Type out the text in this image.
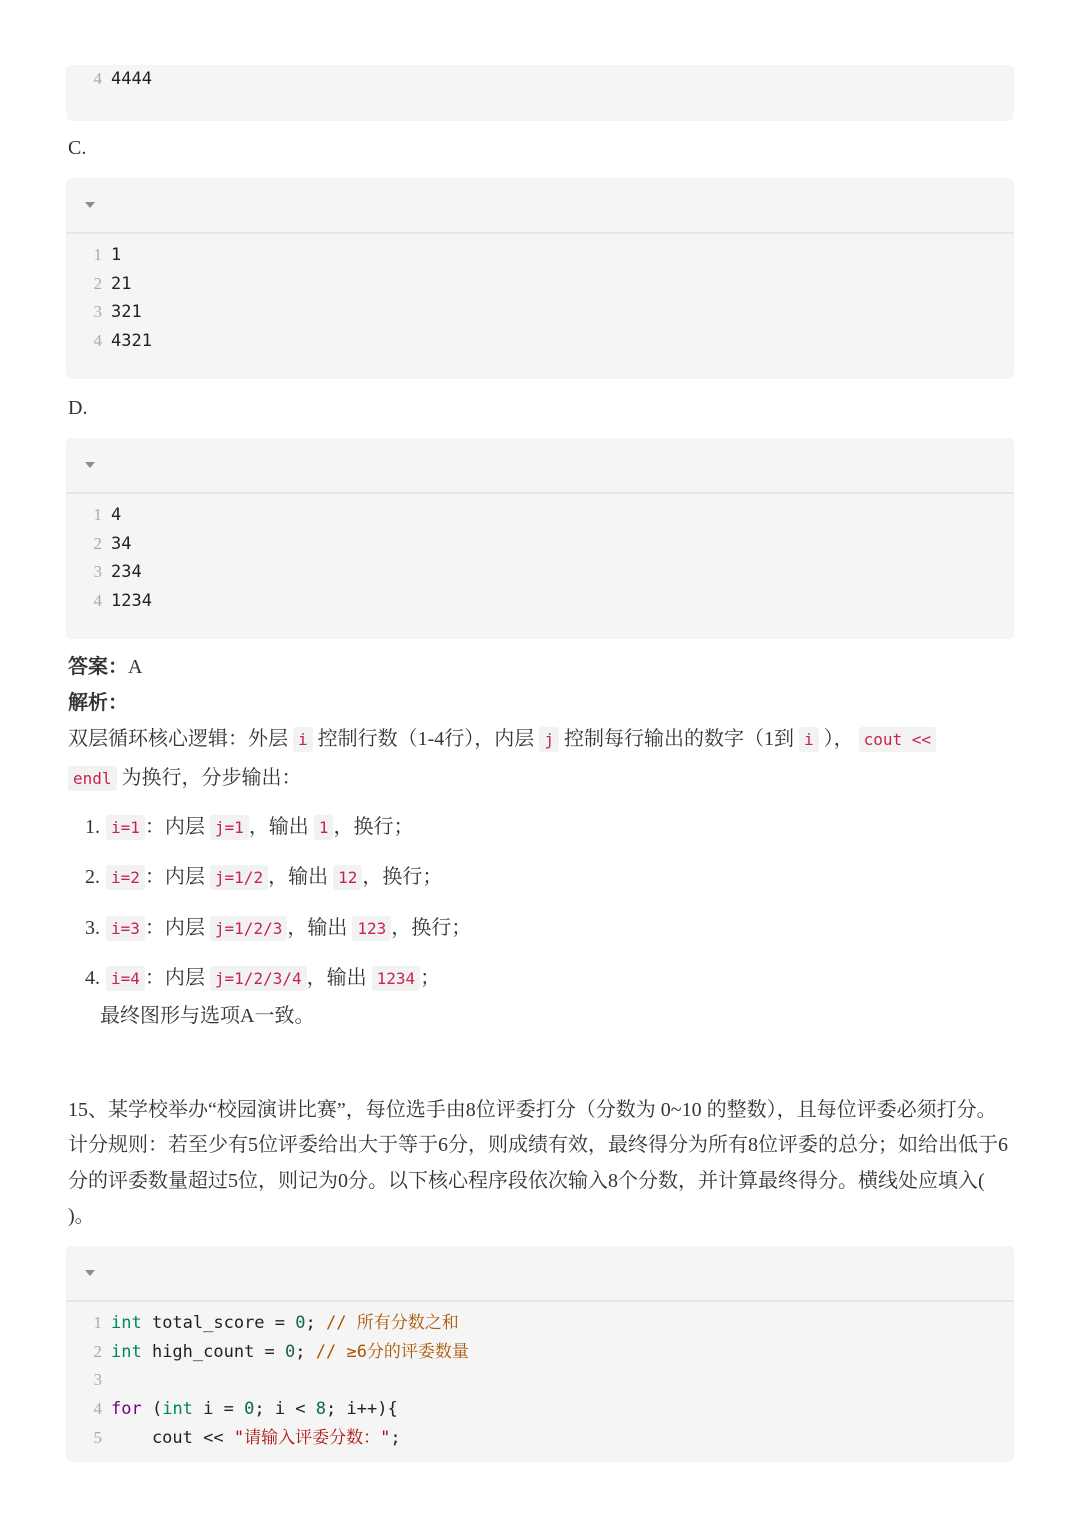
4 4444
C.
1 1
2 21
3 321
4 4321
D.
1 4
2 34
3 234
4 1234
答案：A
解析：
双层循环核心逻辑：外层 i 控制行数（1-4行），内层 j 控制每行输出的数字（1到 i ）， cout <<
endl 为换行，分步输出：
1. i=1 ：内层 j=1 ，输出 1 ，换行；
2. i=2 ：内层 j=1/2 ，输出 12 ，换行；
3. i=3 ：内层 j=1/2/3 ，输出 123 ，换行；
4. i=4 ：内层 j=1/2/3/4 ，输出 1234 ；
最终图形与选项A一致。
15、某学校举办“校园演讲比赛”，每位选手由8位评委打分（分数为 0~10 的整数），且每位评委必须打分。计分规则：若至少有5位评委给出大于等于6分，则成绩有效，最终得分为所有8位评委的总分；如给出低于6分的评委数量超过5位，则记为0分。以下核心程序段依次输入8个分数，并计算最终得分。横线处应填入( )。
1 int total_score = 0; // 所有分数之和
2 int high_count = 0; // ≥6分的评委数量
3
4 for (int i = 0; i < 8; i++){
5    cout << "请输入评委分数：";
